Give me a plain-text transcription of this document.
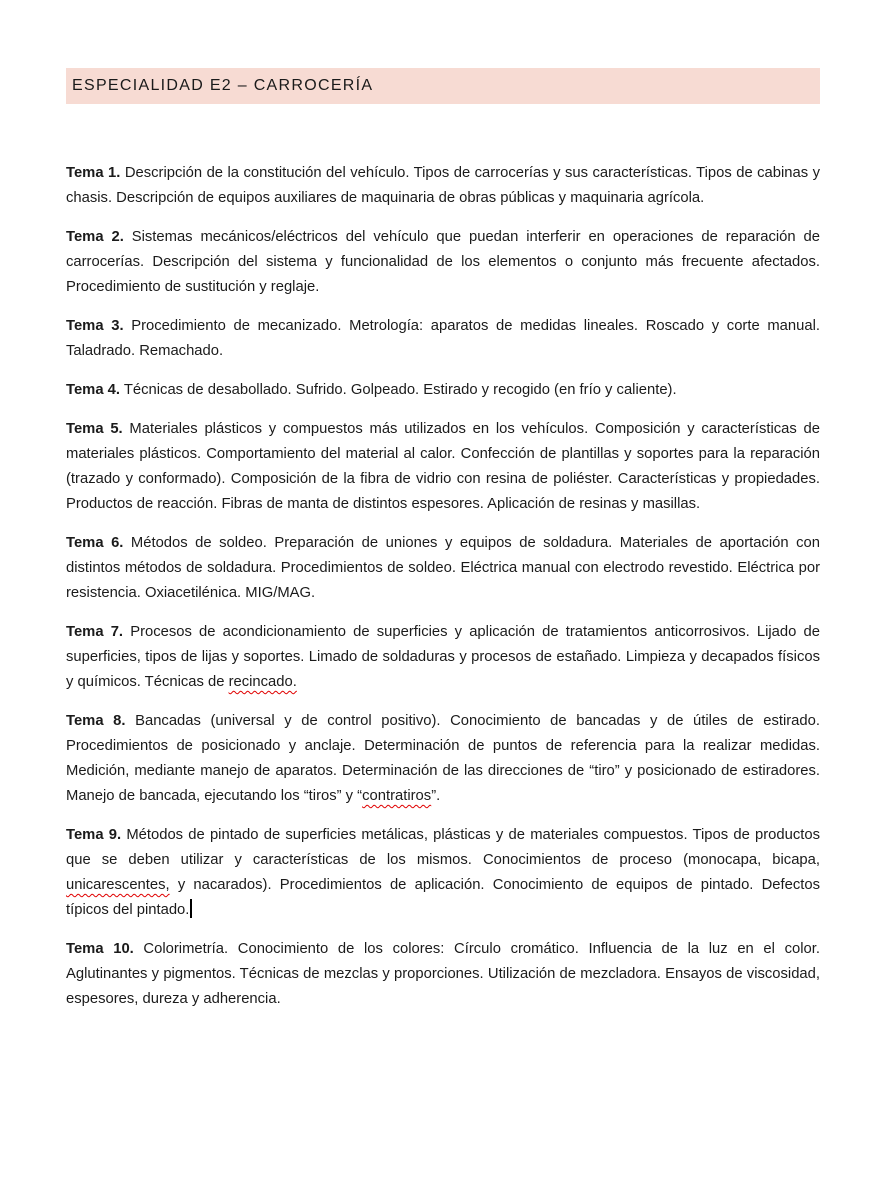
ESPECIALIDAD E2 – CARROCERÍA

Tema 1. Descripción de la constitución del vehículo. Tipos de carrocerías y sus características. Tipos de cabinas y chasis. Descripción de equipos auxiliares de maquinaria de obras públicas y maquinaria agrícola.

Tema 2. Sistemas mecánicos/eléctricos del vehículo que puedan interferir en operaciones de reparación de carrocerías. Descripción del sistema y funcionalidad de los elementos o conjunto más frecuente afectados. Procedimiento de sustitución y reglaje.

Tema 3. Procedimiento de mecanizado. Metrología: aparatos de medidas lineales. Roscado y corte manual. Taladrado. Remachado.

Tema 4. Técnicas de desabollado. Sufrido. Golpeado. Estirado y recogido (en frío y caliente).

Tema 5. Materiales plásticos y compuestos más utilizados en los vehículos. Composición y características de materiales plásticos. Comportamiento del material al calor. Confección de plantillas y soportes para la reparación (trazado y conformado). Composición de la fibra de vidrio con resina de poliéster. Características y propiedades. Productos de reacción. Fibras de manta de distintos espesores. Aplicación de resinas y masillas.

Tema 6. Métodos de soldeo. Preparación de uniones y equipos de soldadura. Materiales de aportación con distintos métodos de soldadura. Procedimientos de soldeo. Eléctrica manual con electrodo revestido. Eléctrica por resistencia. Oxiacetilénica. MIG/MAG.

Tema 7. Procesos de acondicionamiento de superficies y aplicación de tratamientos anticorrosivos. Lijado de superficies, tipos de lijas y soportes. Limado de soldaduras y procesos de estañado. Limpieza y decapados físicos y químicos. Técnicas de recincado.

Tema 8. Bancadas (universal y de control positivo). Conocimiento de bancadas y de útiles de estirado. Procedimientos de posicionado y anclaje. Determinación de puntos de referencia para la realizar medidas. Medición, mediante manejo de aparatos. Determinación de las direcciones de “tiro” y posicionado de estiradores. Manejo de bancada, ejecutando los “tiros” y “contratiros”.

Tema 9. Métodos de pintado de superficies metálicas, plásticas y de materiales compuestos. Tipos de productos que se deben utilizar y características de los mismos. Conocimientos de proceso (monocapa, bicapa, unicarescentes, y nacarados). Procedimientos de aplicación. Conocimiento de equipos de pintado. Defectos típicos del pintado.

Tema 10. Colorimetría. Conocimiento de los colores: Círculo cromático. Influencia de la luz en el color. Aglutinantes y pigmentos. Técnicas de mezclas y proporciones. Utilización de mezcladora. Ensayos de viscosidad, espesores, dureza y adherencia.
